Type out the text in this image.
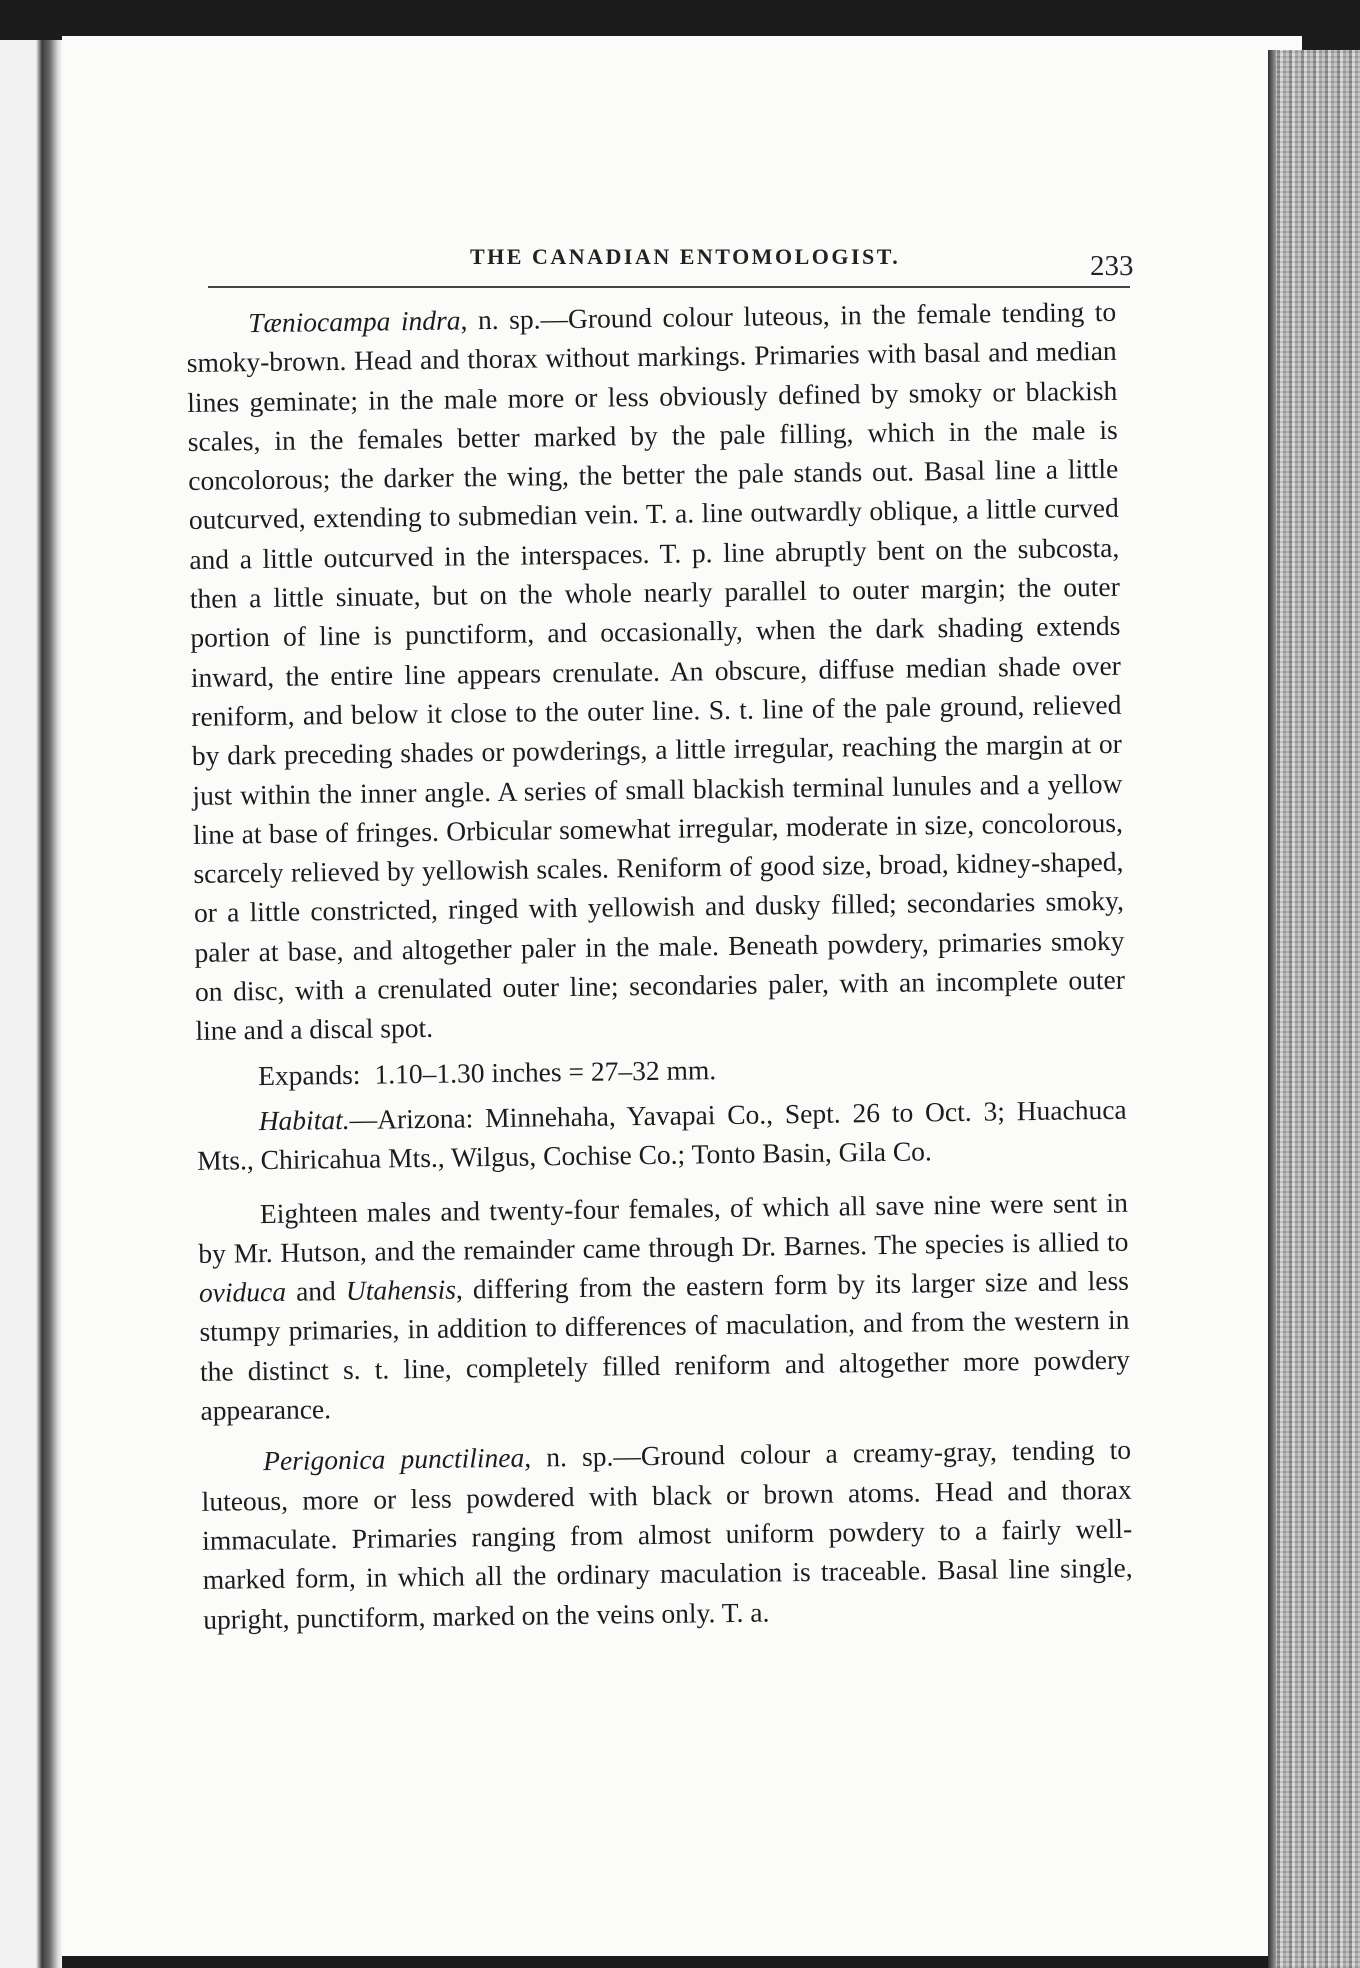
THE CANADIAN ENTOMOLOGIST.	233

Tæniocampa indra, n. sp.—Ground colour luteous, in the female tending to smoky-brown. Head and thorax without markings. Primaries with basal and median lines geminate; in the male more or less obviously defined by smoky or blackish scales, in the females better marked by the pale filling, which in the male is concolorous; the darker the wing, the better the pale stands out. Basal line a little outcurved, extending to submedian vein. T. a. line outwardly oblique, a little curved and a little outcurved in the interspaces. T. p. line abruptly bent on the subcosta, then a little sinuate, but on the whole nearly parallel to outer margin; the outer portion of line is punctiform, and occasionally, when the dark shading extends inward, the entire line appears crenulate. An obscure, diffuse median shade over reniform, and below it close to the outer line. S. t. line of the pale ground, relieved by dark preceding shades or powderings, a little irregular, reaching the margin at or just within the inner angle. A series of small blackish terminal lunules and a yellow line at base of fringes. Orbicular somewhat irregular, moderate in size, concolorous, scarcely relieved by yellowish scales. Reniform of good size, broad, kidney-shaped, or a little constricted, ringed with yellowish and dusky filled; secondaries smoky, paler at base, and altogether paler in the male. Beneath powdery, primaries smoky on disc, with a crenulated outer line; secondaries paler, with an incomplete outer line and a discal spot.

Expands: 1.10–1.30 inches = 27–32 mm.

Habitat.—Arizona: Minnehaha, Yavapai Co., Sept. 26 to Oct. 3; Huachuca Mts., Chiricahua Mts., Wilgus, Cochise Co.; Tonto Basin, Gila Co.

Eighteen males and twenty-four females, of which all save nine were sent in by Mr. Hutson, and the remainder came through Dr. Barnes. The species is allied to oviduca and Utahensis, differing from the eastern form by its larger size and less stumpy primaries, in addition to differences of maculation, and from the western in the distinct s. t. line, completely filled reniform and altogether more powdery appearance.

Perigonica punctilinea, n. sp.—Ground colour a creamy-gray, tending to luteous, more or less powdered with black or brown atoms. Head and thorax immaculate. Primaries ranging from almost uniform powdery to a fairly well-marked form, in which all the ordinary maculation is traceable. Basal line single, upright, punctiform, marked on the veins only. T. a.
